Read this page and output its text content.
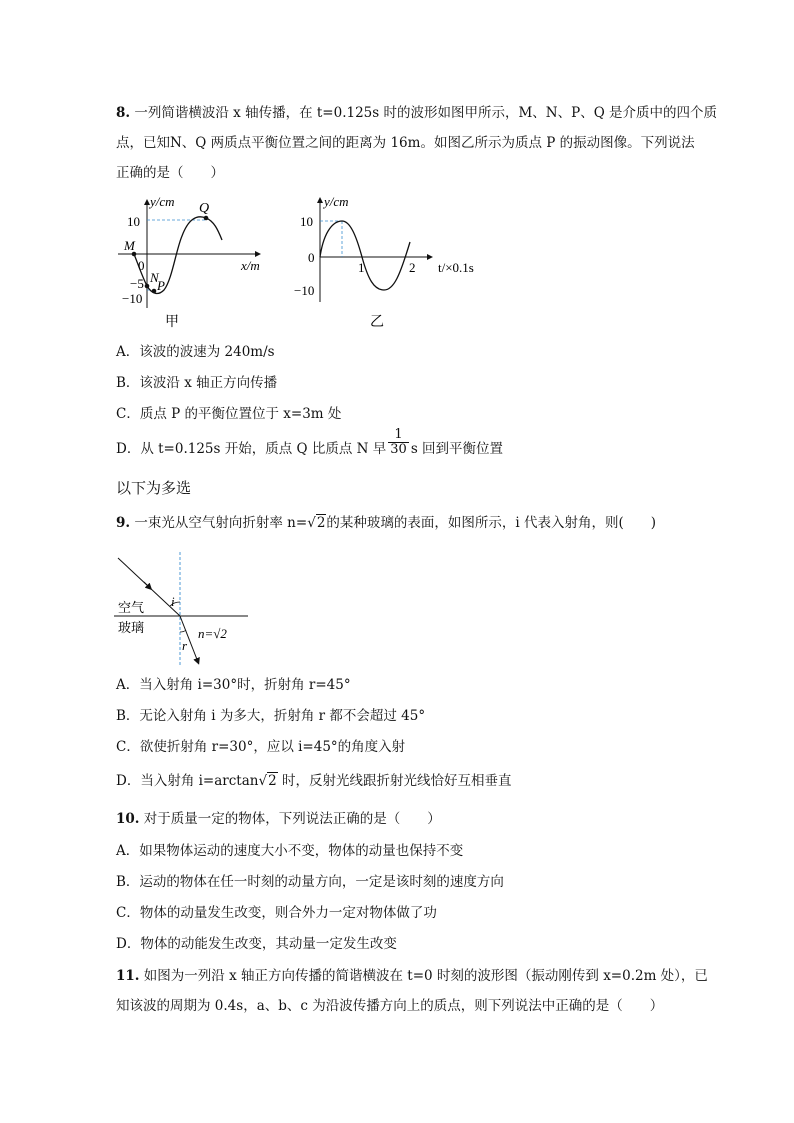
8. 一列简谐横波沿 x 轴传播，在 t=0.125s 时的波形如图甲所示，M、N、P、Q 是介质中的四个质
点，已知N、Q 两质点平衡位置之间的距离为 16m。如图乙所示为质点 P 的振动图像。下列说法
正确的是（　　）
y/cm
x/m
10
−5
−10
0
M
N
P
Q
甲
y/cm
t/×0.1s
10
−10
0
1	2
乙
A．该波的波速为 240m/s
B．该波沿 x 轴正方向传播
C．质点 P 的平衡位置位于 x=3m 处
D．从 t=0.125s 开始，质点 Q 比质点 N 早 $\frac{1}{30}$ s 回到平衡位置
以下为多选
9. 一束光从空气射向折射率 n=√2的某种玻璃的表面，如图所示，i 代表入射角，则(　　)
空气
玻璃
i
r
n=√2
A．当入射角 i=30°时，折射角 r=45°
B．无论入射角 i 为多大，折射角 r 都不会超过 45°
C．欲使折射角 r=30°，应以 i=45°的角度入射
D．当入射角 i=arctan√2 时，反射光线跟折射光线恰好互相垂直
10. 对于质量一定的物体，下列说法正确的是（　　）
A．如果物体运动的速度大小不变，物体的动量也保持不变
B．运动的物体在任一时刻的动量方向，一定是该时刻的速度方向
C．物体的动量发生改变，则合外力一定对物体做了功
D．物体的动能发生改变，其动量一定发生改变
11. 如图为一列沿 x 轴正方向传播的简谐横波在 t=0 时刻的波形图（振动刚传到 x=0.2m 处），已
知该波的周期为 0.4s，a、b、c 为沿波传播方向上的质点，则下列说法中正确的是（　　）
